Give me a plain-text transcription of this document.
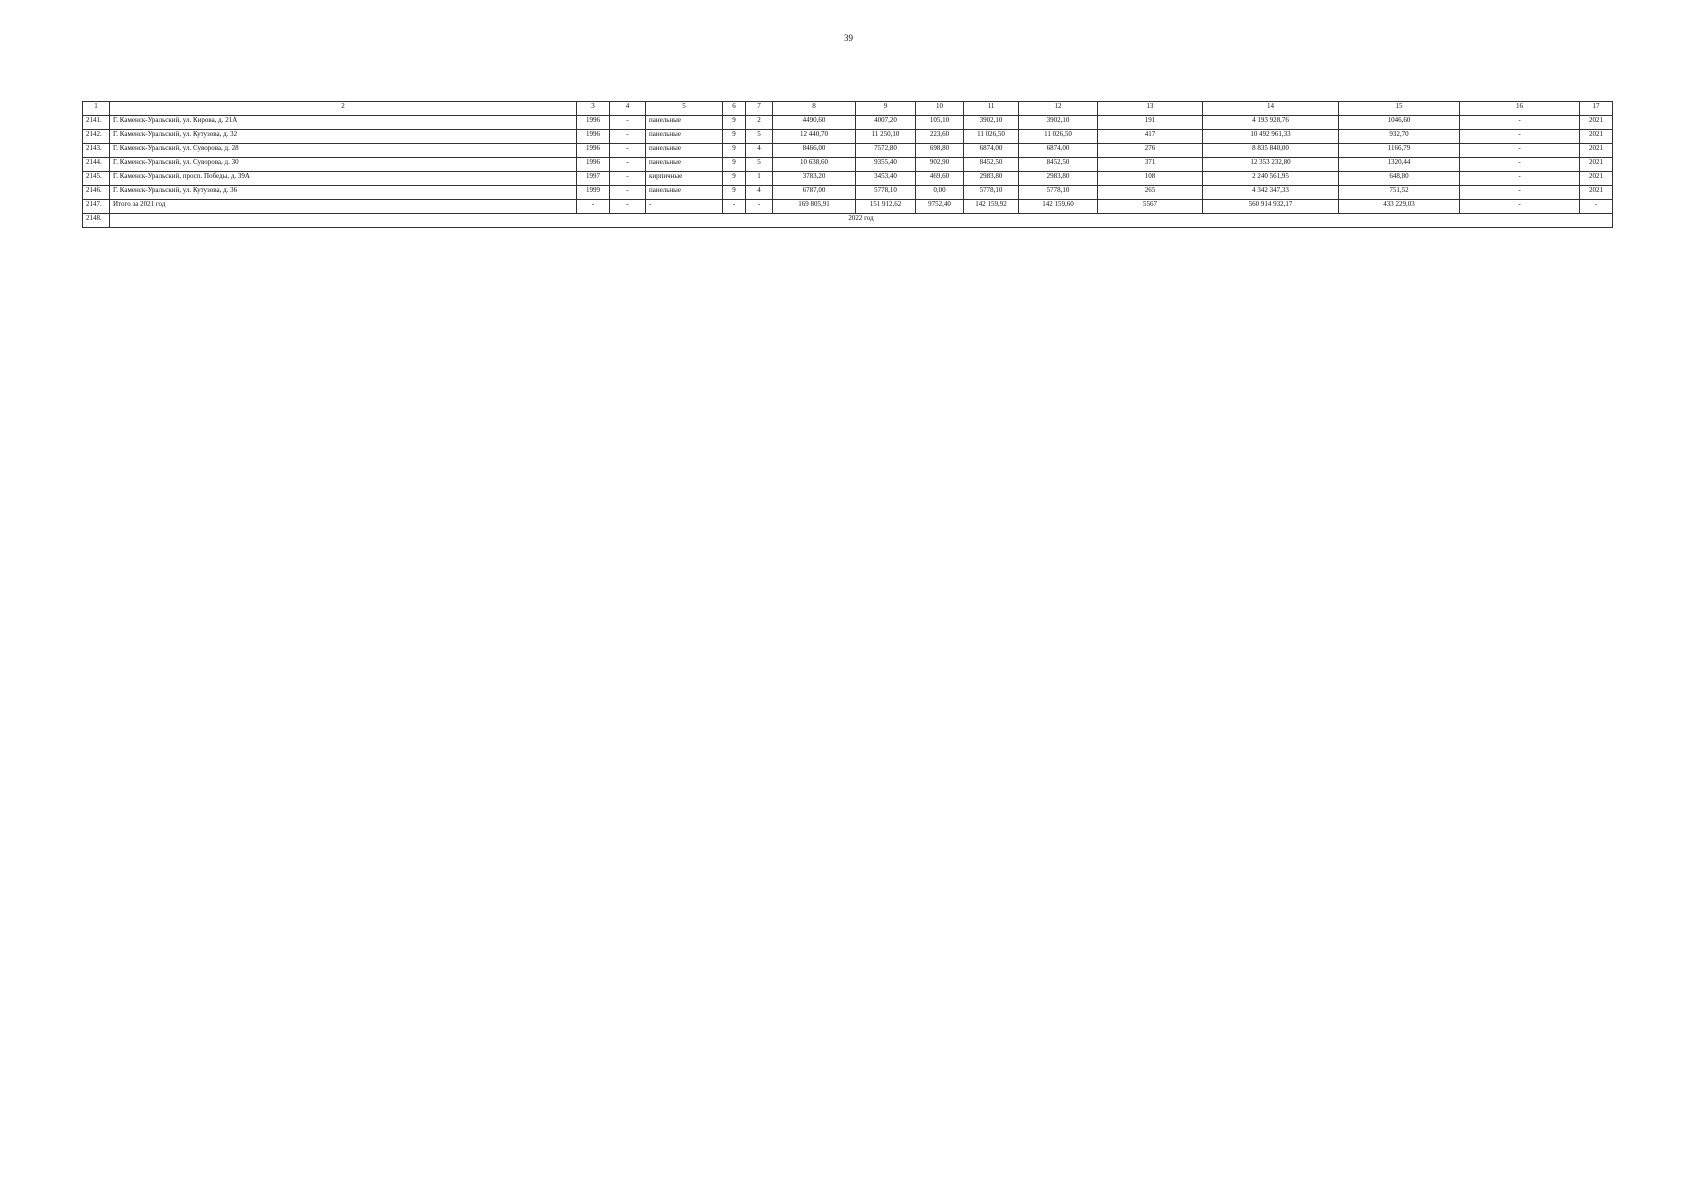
39
1	2	3	4	5	6	7	8	9	10	11	12	13	14	15	16	17
2141.	Г. Каменск-Уральский, ул. Кирова, д. 21А	1996	-	панельные	9	2	4490,60	4007,20	105,10	3902,10	3902,10	191	4 193 928,76	1046,60	-	2021
2142.	Г. Каменск-Уральский, ул. Кутузова, д. 32	1996	-	панельные	9	5	12 440,70	11 250,10	223,60	11 026,50	11 026,50	417	10 492 961,33	932,70	-	2021
2143.	Г. Каменск-Уральский, ул. Суворова, д. 28	1996	-	панельные	9	4	8466,00	7572,80	698,80	6874,00	6874,00	276	8 835 840,00	1166,79	-	2021
2144.	Г. Каменск-Уральский, ул. Суворова, д. 30	1996	-	панельные	9	5	10 638,60	9355,40	902,90	8452,50	8452,50	371	12 353 232,80	1320,44	-	2021
2145.	Г. Каменск-Уральский, просп. Победы, д. 39А	1997	-	кирпичные	9	1	3783,20	3453,40	469,60	2983,80	2983,80	108	2 240 561,95	648,80	-	2021
2146.	Г. Каменск-Уральский, ул. Кутузова, д. 36	1999	-	панельные	9	4	6787,00	5778,10	0,00	5778,10	5778,10	265	4 342 347,33	751,52	-	2021
2147.	Итого за 2021 год	-	-	-	-	-	169 805,91	151 912,62	9752,40	142 159,92	142 159,60	5567	560 914 932,17	433 229,03	-	-
2148.	2022 год															
